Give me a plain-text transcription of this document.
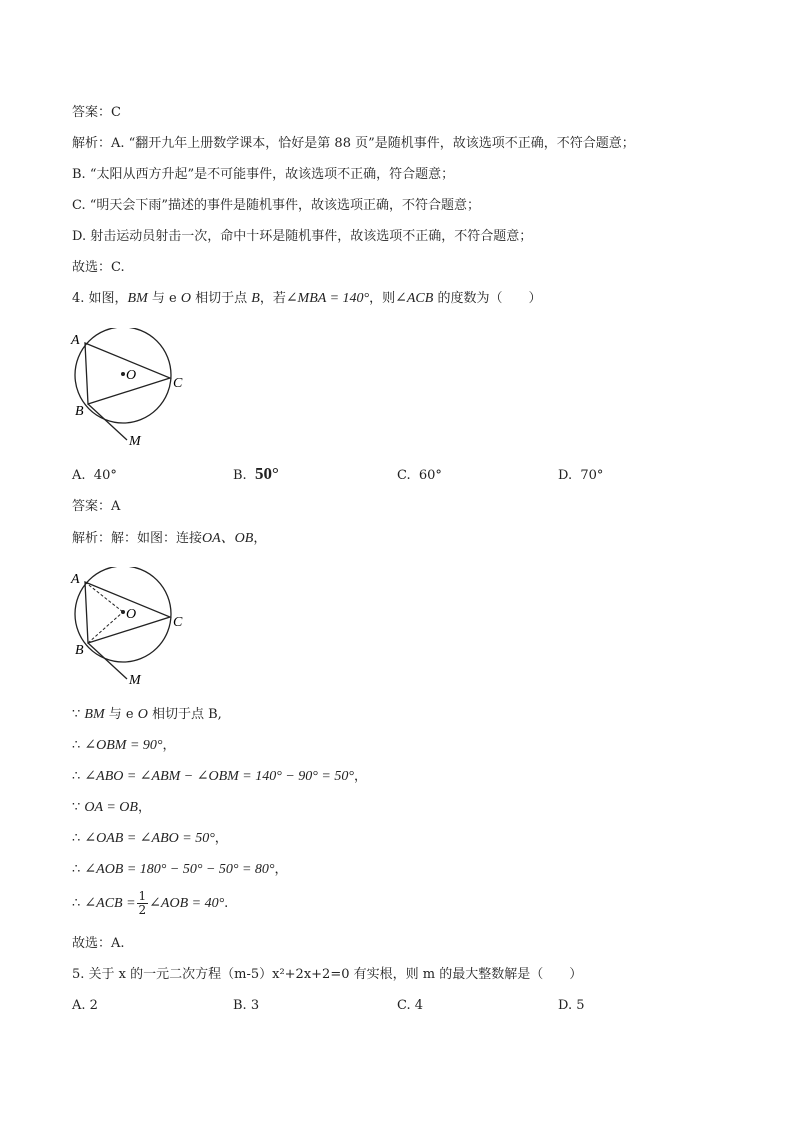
答案：C
解析：A. “翻开九年上册数学课本，恰好是第 88 页”是随机事件，故该选项不正确，不符合题意；
B. “太阳从西方升起”是不可能事件，故该选项不正确，符合题意；
C. “明天会下雨”描述的事件是随机事件，故该选项正确，不符合题意；
D. 射击运动员射击一次，命中十环是随机事件，故该选项不正确，不符合题意；
故选：C.
4. 如图，BM 与 e O 相切于点 B，若∠MBA = 140°，则∠ACB 的度数为（　　）
A
O
C
B
M
A. 40°	B. 50°	C. 60°	D. 70°
答案：A
解析：解：如图：连接OA、OB，
A
O
C
B
M
∵ BM 与 e O 相切于点 B,
∴ ∠OBM = 90°，
∴ ∠ABO = ∠ABM − ∠OBM = 140° − 90° = 50°，
∵ OA = OB，
∴ ∠OAB = ∠ABO = 50°，
∴ ∠AOB = 180° − 50° − 50° = 80°，
∴ ∠ACB = $\frac{1}{2}$ ∠AOB = 40°.
故选：A.
5. 关于 x 的一元二次方程（m-5）x²+2x+2=0 有实根，则 m 的最大整数解是（　　）
A. 2	B. 3	C. 4	D. 5
